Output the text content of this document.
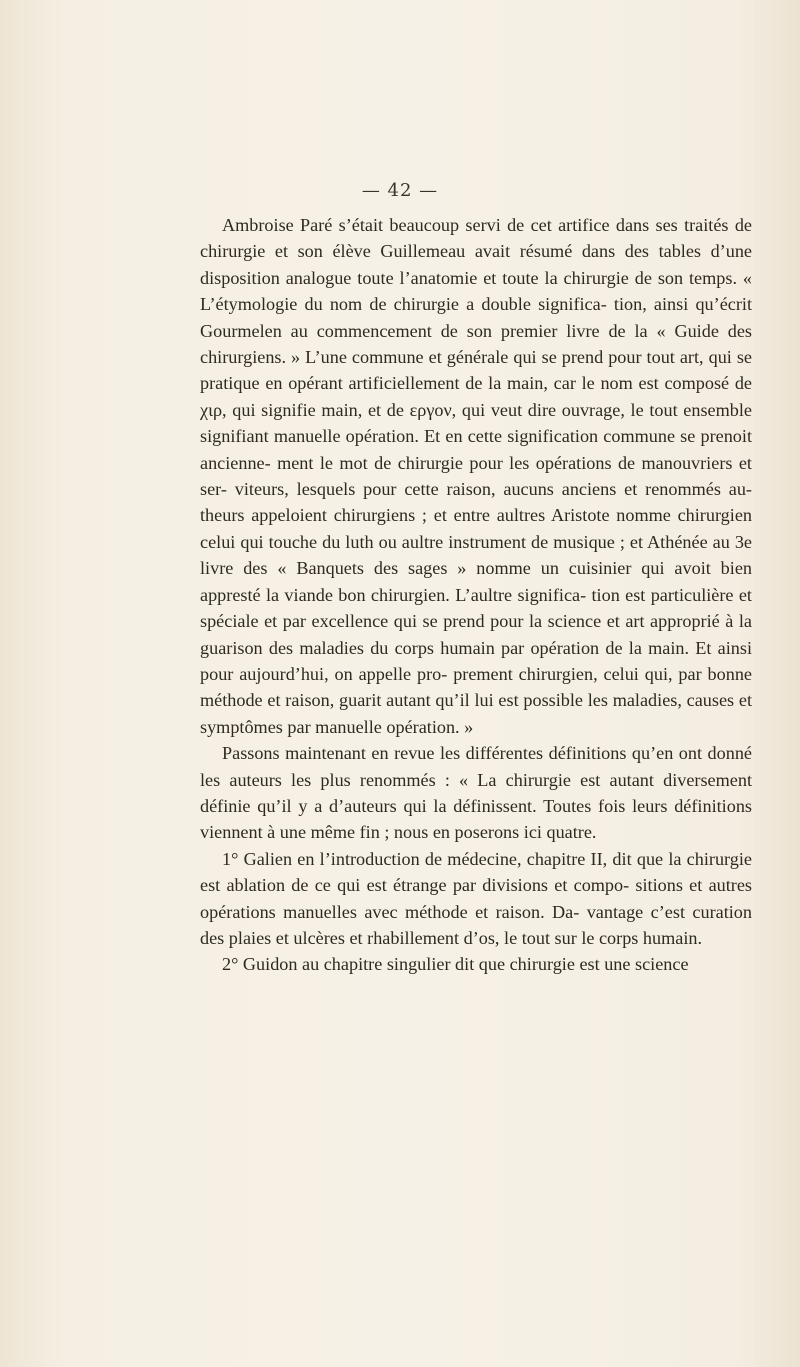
— 42 —

Ambroise Paré s’était beaucoup servi de cet artifice dans ses traités de chirurgie et son élève Guillemeau avait résumé dans des tables d’une disposition analogue toute l’anatomie et toute la chirurgie de son temps. « L’étymologie du nom de chirurgie a double significa- tion, ainsi qu’écrit Gourmelen au commencement de son premier livre de la « Guide des chirurgiens. » L’une commune et générale qui se prend pour tout art, qui se pratique en opérant artificiellement de la main, car le nom est composé de χιρ, qui signifie main, et de εργον, qui veut dire ouvrage, le tout ensemble signifiant manuelle opération. Et en cette signification commune se prenoit ancienne- ment le mot de chirurgie pour les opérations de manouvriers et ser- viteurs, lesquels pour cette raison, aucuns anciens et renommés au- theurs appeloient chirurgiens ; et entre aultres Aristote nomme chirurgien celui qui touche du luth ou aultre instrument de musique ; et Athénée au 3e livre des « Banquets des sages » nomme un cuisinier qui avoit bien appresté la viande bon chirurgien. L’aultre significa- tion est particulière et spéciale et par excellence qui se prend pour la science et art approprié à la guarison des maladies du corps humain par opération de la main. Et ainsi pour aujourd’hui, on appelle pro- prement chirurgien, celui qui, par bonne méthode et raison, guarit autant qu’il lui est possible les maladies, causes et symptômes par manuelle opération. »

Passons maintenant en revue les différentes définitions qu’en ont donné les auteurs les plus renommés : « La chirurgie est autant diversement définie qu’il y a d’auteurs qui la définissent. Toutes fois leurs définitions viennent à une même fin ; nous en poserons ici quatre.

1° Galien en l’introduction de médecine, chapitre II, dit que la chirurgie est ablation de ce qui est étrange par divisions et compo- sitions et autres opérations manuelles avec méthode et raison. Da- vantage c’est curation des plaies et ulcères et rhabillement d’os, le tout sur le corps humain.

2° Guidon au chapitre singulier dit que chirurgie est une science
